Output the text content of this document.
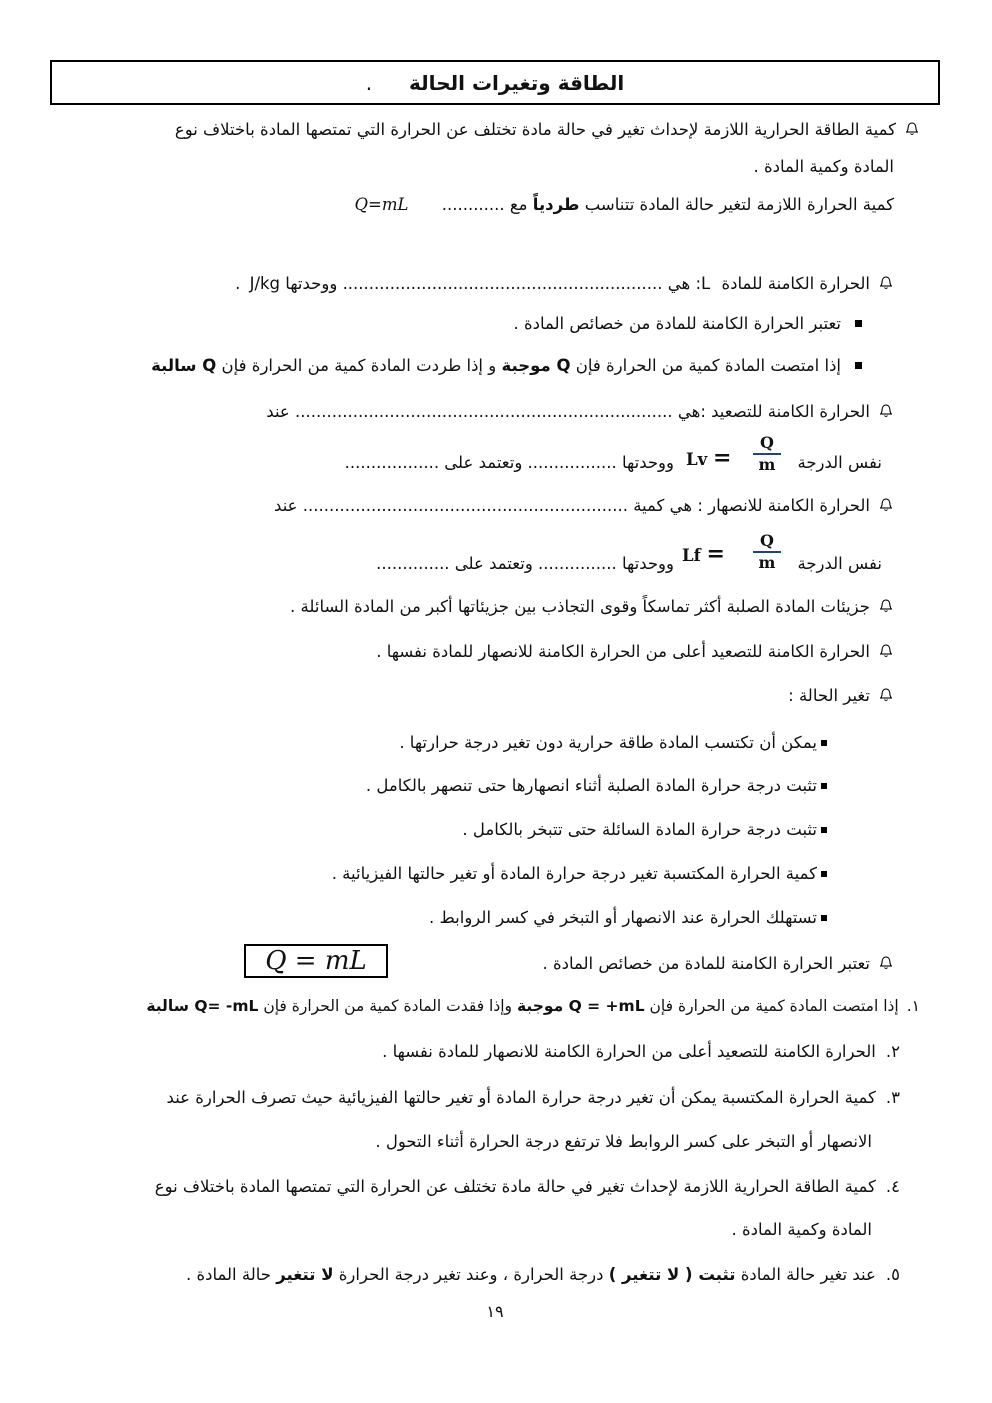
الطاقة وتغيرات الحالة .
كمية الطاقة الحرارية اللازمة لإحداث تغير في حالة مادة تختلف عن الحرارة التي تمتصها المادة باختلاف نوع
المادة وكمية المادة .
كمية الحرارة اللازمة لتغير حالة المادة تتناسب طردياً مع ............ Q=mL
الحرارة الكامنة للمادة L: هي ............................................................. ووحدتها J/kg .
تعتبر الحرارة الكامنة للمادة من خصائص المادة .
إذا امتصت المادة كمية من الحرارة فإن Q موجبة و إذا طردت المادة كمية من الحرارة فإن Q سالبة
الحرارة الكامنة للتصعيد :هي ........................................................................ عند
نفس الدرجة
Q
m
Lv =
ووحدتها ................. وتعتمد على ..................
الحرارة الكامنة للانصهار : هي كمية .............................................................. عند
نفس الدرجة
Q
m
Lf =
ووحدتها ............... وتعتمد على ..............
جزيئات المادة الصلبة أكثر تماسكاً وقوى التجاذب بين جزيئاتها أكبر من المادة السائلة .
الحرارة الكامنة للتصعيد أعلى من الحرارة الكامنة للانصهار للمادة نفسها .
تغير الحالة :
يمكن أن تكتسب المادة طاقة حرارية دون تغير درجة حرارتها .
تثبت درجة حرارة المادة الصلبة أثناء انصهارها حتى تنصهر بالكامل .
تثبت درجة حرارة المادة السائلة حتى تتبخر بالكامل .
كمية الحرارة المكتسبة تغير درجة حرارة المادة أو تغير حالتها الفيزيائية .
تستهلك الحرارة عند الانصهار أو التبخر في كسر الروابط .
تعتبر الحرارة الكامنة للمادة من خصائص المادة .
Q = mL
١.إذا امتصت المادة كمية من الحرارة فإن Q = +mL موجبة وإذا فقدت المادة كمية من الحرارة فإن Q= -mL سالبة
٢.الحرارة الكامنة للتصعيد أعلى من الحرارة الكامنة للانصهار للمادة نفسها .
٣.كمية الحرارة المكتسبة يمكن أن تغير درجة حرارة المادة أو تغير حالتها الفيزيائية حيث تصرف الحرارة عند
الانصهار أو التبخر على كسر الروابط فلا ترتفع درجة الحرارة أثناء التحول .
٤.كمية الطاقة الحرارية اللازمة لإحداث تغير في حالة مادة تختلف عن الحرارة التي تمتصها المادة باختلاف نوع
المادة وكمية المادة .
٥.عند تغير حالة المادة تثبت ( لا تتغير ) درجة الحرارة ، وعند تغير درجة الحرارة لا تتغير حالة المادة .
١٩
